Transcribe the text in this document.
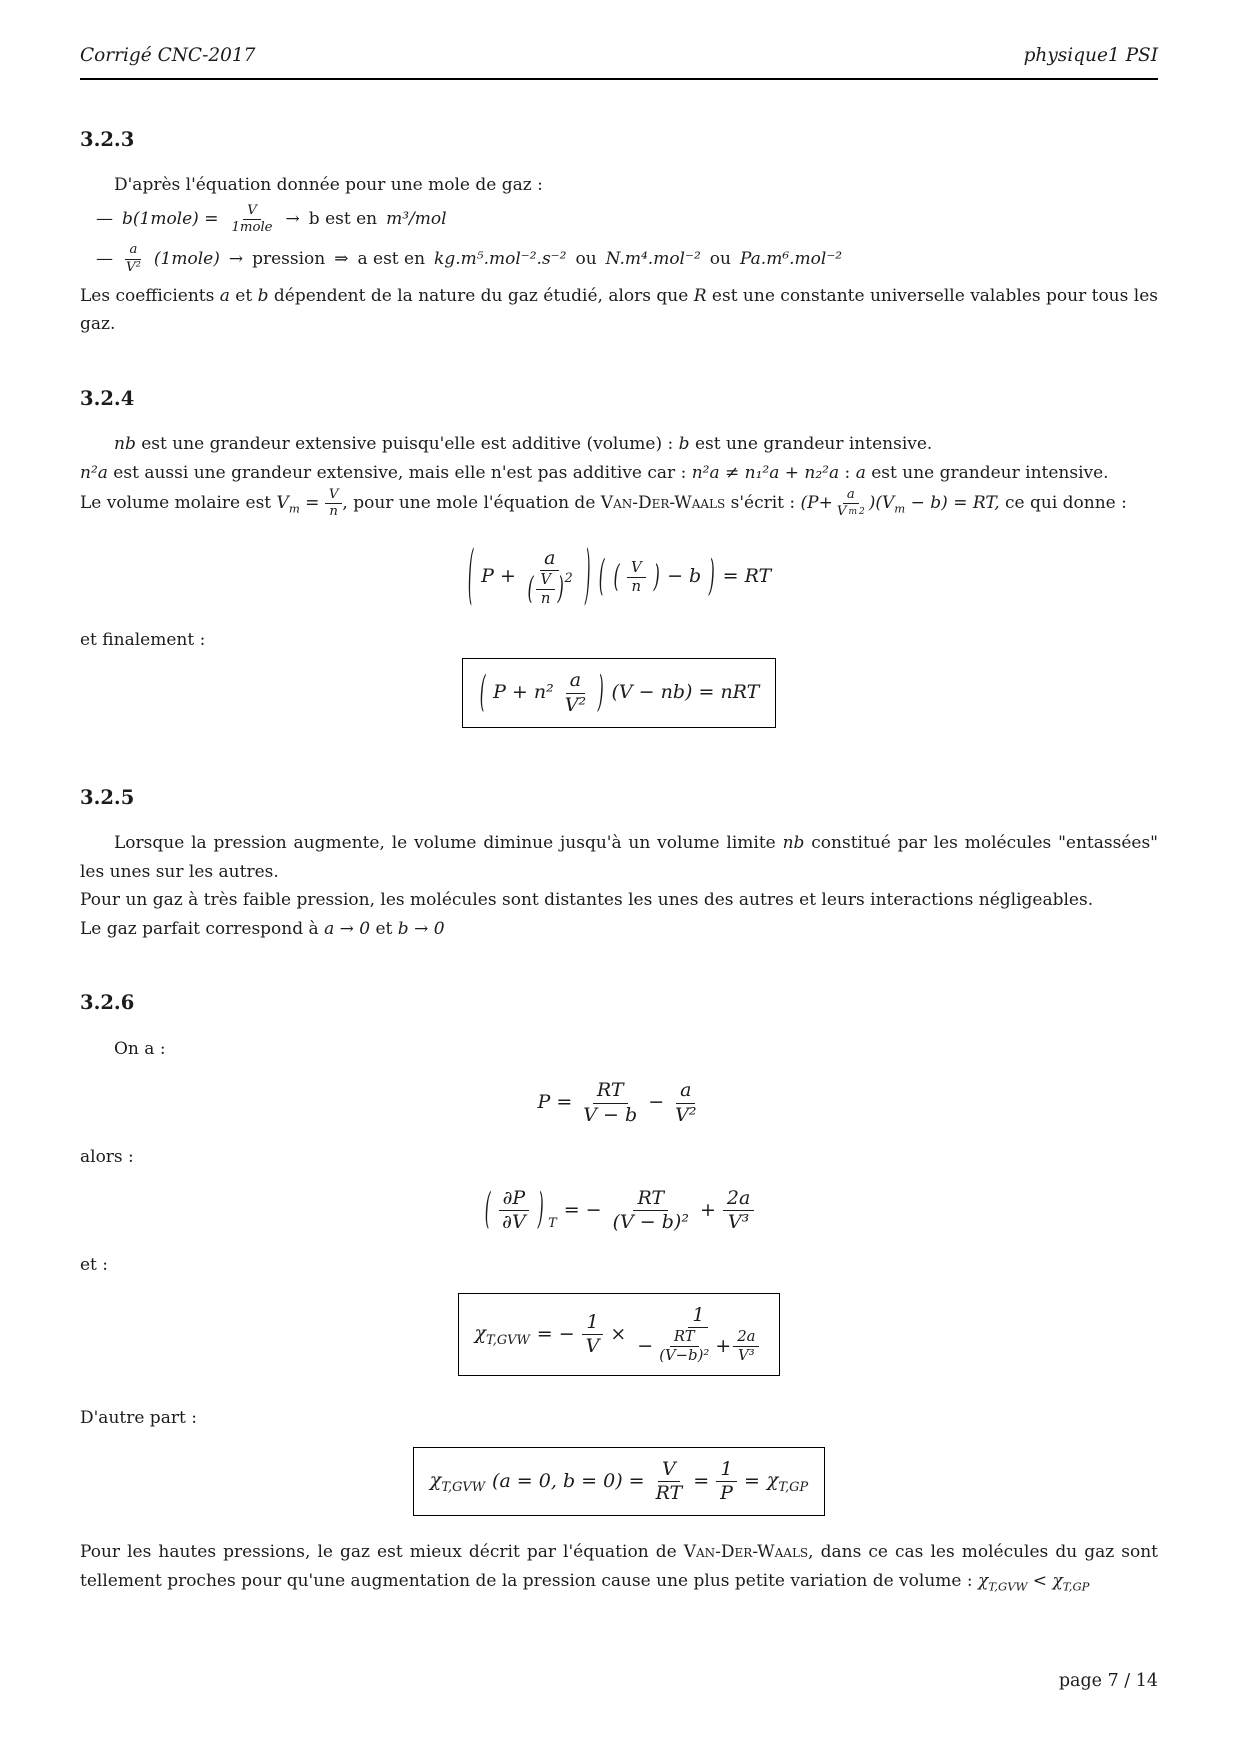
Corrigé CNC-2017	physique1 PSI
3.2.3

D'après l'équation donnée pour une mole de gaz :

— b(1mole) =	V
1mole → b est en m³/mol
— $\frac{a}{\text{V²}}$ (1mole) → pression ⇒ a est en kg.m⁵.mol⁻².s⁻² ou N.m⁴.mol⁻² ou Pa.m⁶.mol⁻²

Les coefficients a et b dépendent de la nature du gaz étudié, alors que R est une constante universelle valables pour tous les gaz.

3.2.4

nb est une grandeur extensive puisqu'elle est additive (volume) : b est une grandeur intensive.

n²a est aussi une grandeur extensive, mais elle n'est pas additive car : n²a ≠ n₁²a + n₂²a : a est une grandeur intensive.

Le volume molaire est $V_m = \frac{V}{n}$ , pour une mole l'équation de Van-Der-Waals s'écrit : $(P+ \frac{a}{\text{V m 2}} )(V_m - b)$ = RT, ce qui donne :

( P +
a
( $\frac{V}{n} )^2$ ) ( ( $\frac{V}{n}$ ) − b ) = RT

et finalement :

( $P + n^2 \frac{a}{\text{V²}}$ ) (V − nb) = nRT
3.2.5

Lorsque la pression augmente, le volume diminue jusqu'à un volume limite nb constitué par les molécules "entassées" les unes sur les autres.

Pour un gaz à très faible pression, les molécules sont distantes les unes des autres et leurs interactions négligeables.

Le gaz parfait correspond à a → 0 et b → 0

3.2.6

On a :

$P = \frac{RT}{V - b} - \frac{a}{\text{V²}}$

alors :

( $\frac{\partial P}{\partial V}$ ) $_T$
= − $\frac{RT}{\text{(V − b)²}} + \frac{2a}{\text{V³}}$

et :

$\chi_{T,GVW}$ = − $\frac{1}{V}$ ×
1
− $\frac{RT}{\text{(V−b)²}} + \frac{2a}{\text{V³}}$

D'autre part :

$\chi_{T,GVW}$ (a = 0, $b = 0) = \frac{V}{RT} = \frac{1}{P} = \chi_{T,GP}$

Pour les hautes pressions, le gaz est mieux décrit par l'équation de Van-Der-Waals, dans ce cas les molécules du gaz sont tellement proches pour qu'une augmentation de la pression cause une plus petite variation de volume : $\chi_{T,GVW} < \chi_{T,GP}$

page 7 / 14
